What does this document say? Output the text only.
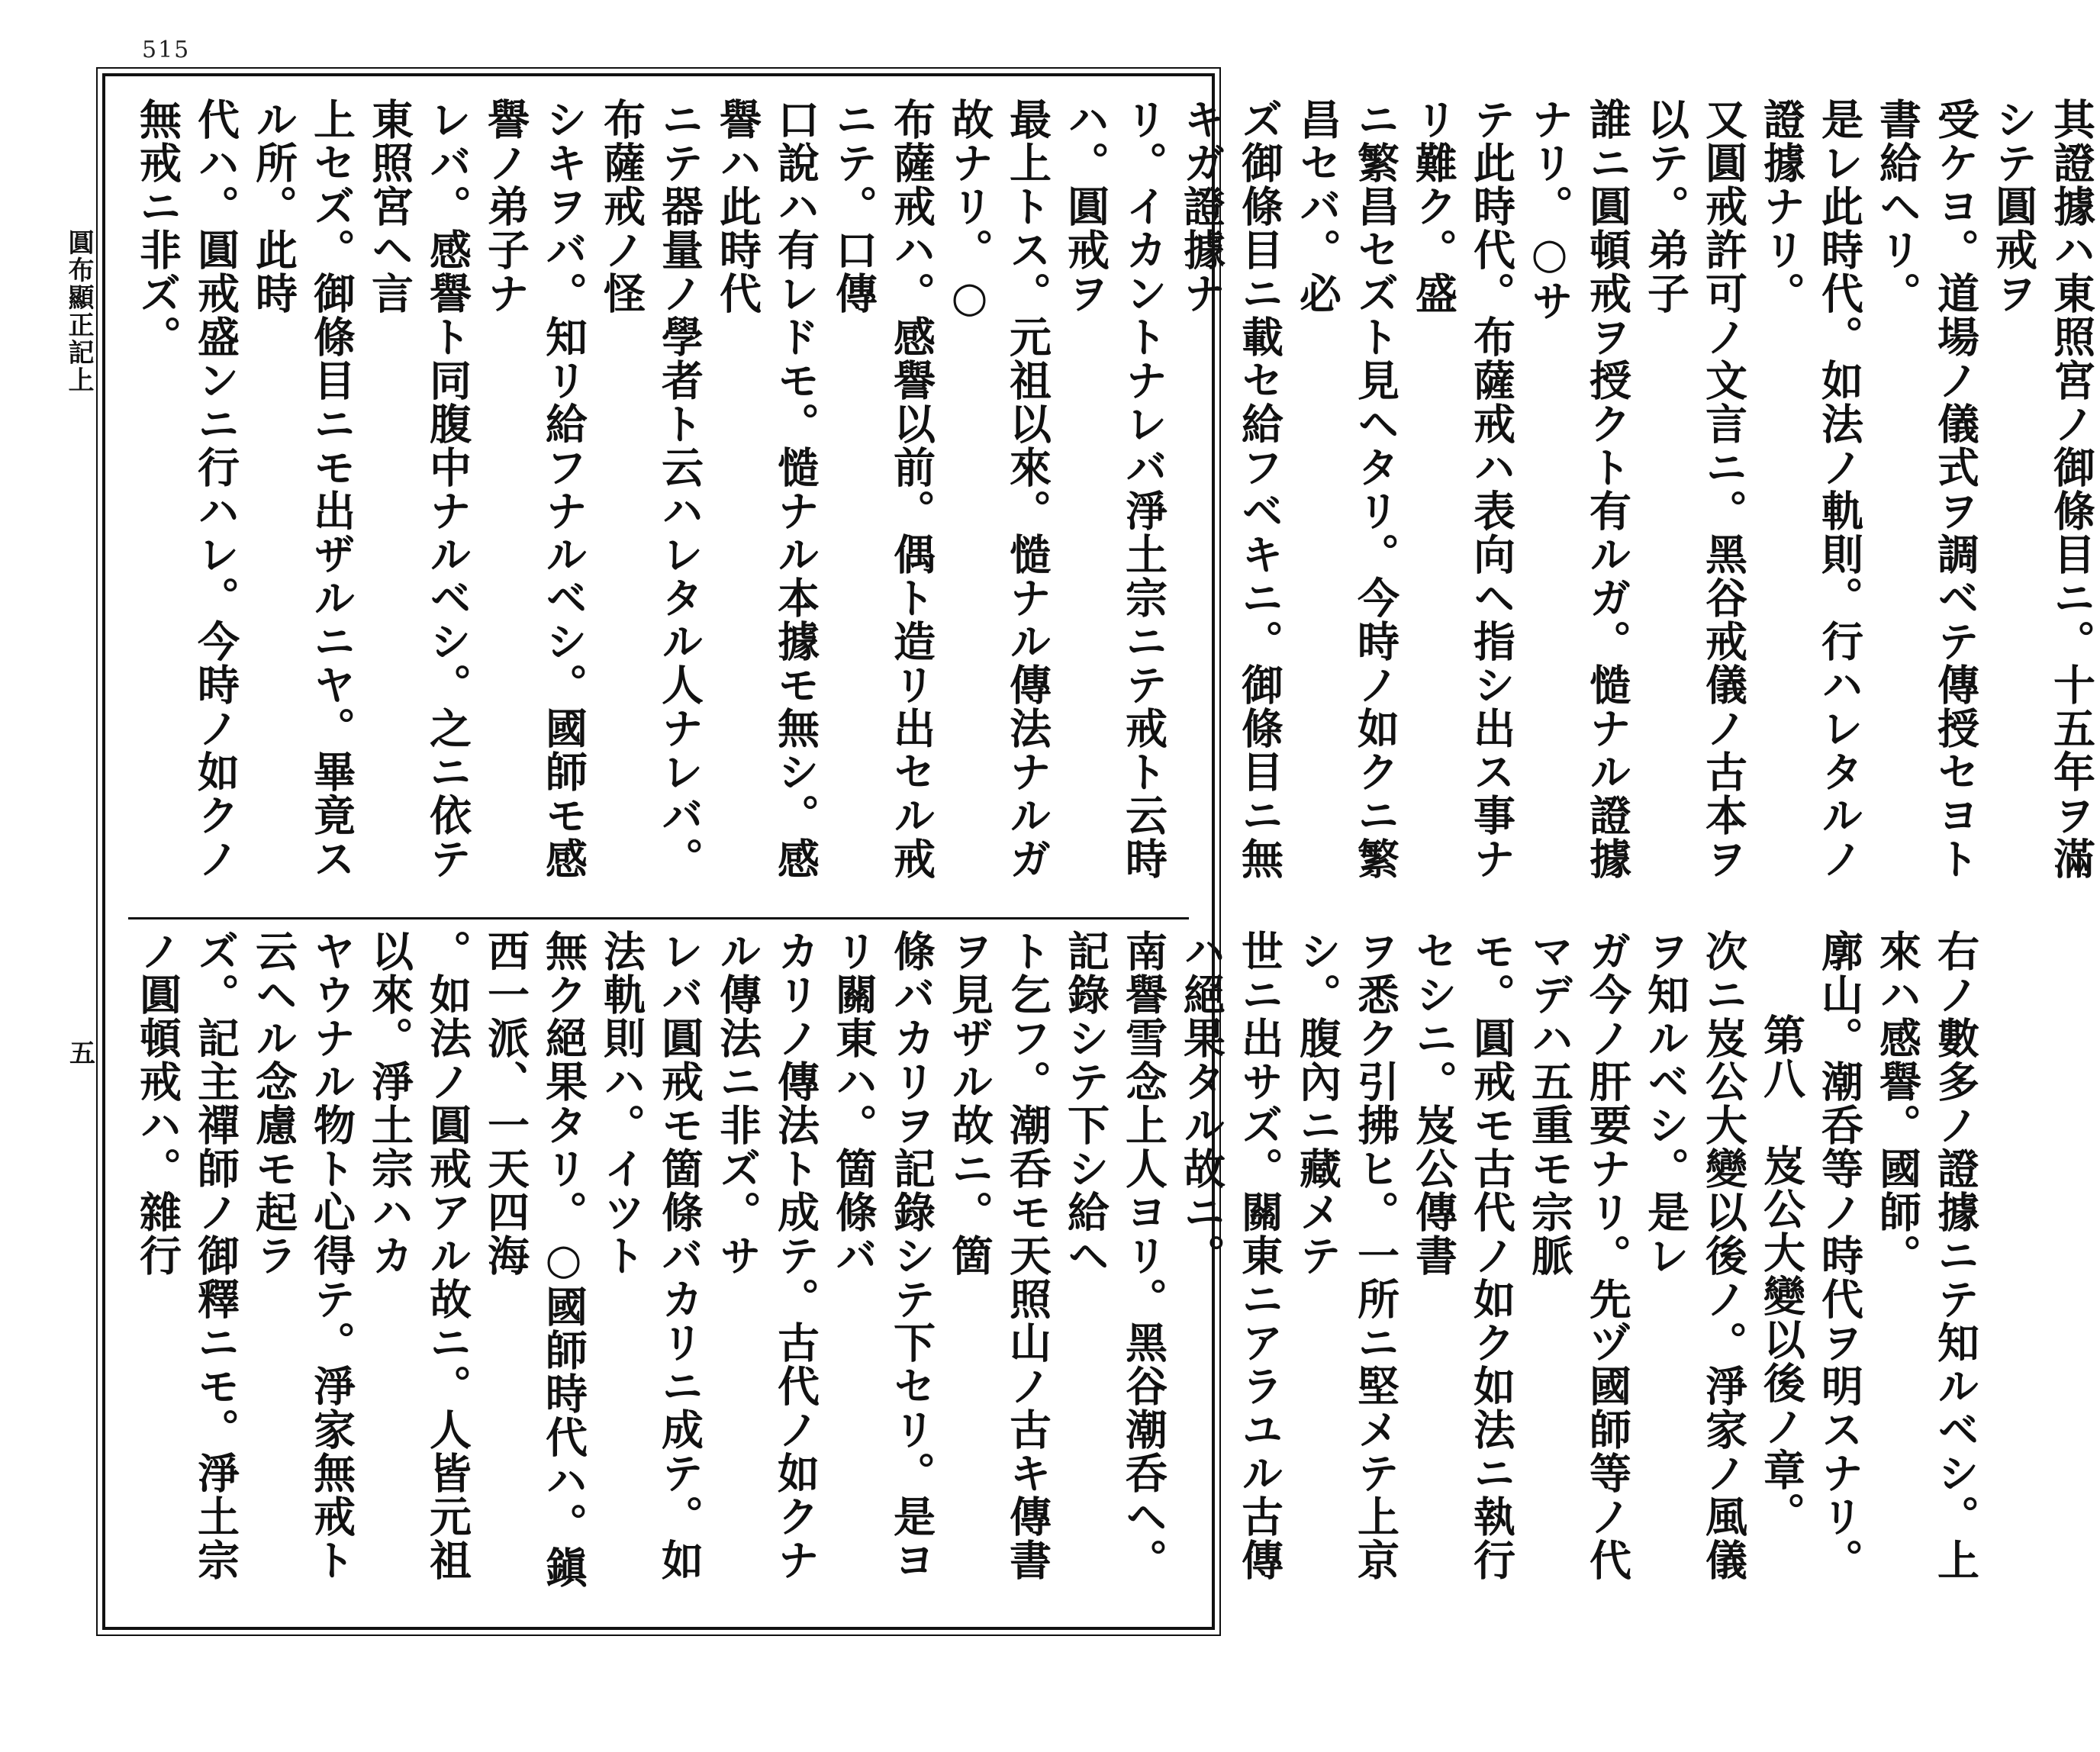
515
圓布顯正記上
五
其證據ハ東照宮ノ御條目ニ。十五年ヲ滿シテ圓戒ヲ
受ケヨ。道場ノ儀式ヲ調ベテ傳授セヨト書給ヘリ。
是レ此時代。如法ノ軌則。行ハレタルノ證據ナリ。
又圓戒許可ノ文言ニ。黑谷戒儀ノ古本ヲ以テ。弟子
誰ニ圓頓戒ヲ授クト有ルガ。慥ナル證據ナリ。○サ
テ此時代。布薩戒ハ表向ヘ指シ出ス事ナリ難ク。盛
ニ繁昌セズト見ヘタリ。今時ノ如クニ繁昌セバ。必
ズ御條目ニ載セ給フベキニ。御條目ニ無キガ證據ナ
リ。イカントナレバ淨土宗ニテ戒ト云時ハ。圓戒ヲ
最上トス。元祖以來。慥ナル傳法ナルガ故ナリ。○
布薩戒ハ。感譽以前。偶ト造リ出セル戒ニテ。口傳
口說ハ有レドモ。慥ナル本據モ無シ。感譽ハ此時代
ニテ器量ノ學者ト云ハレタル人ナレバ。布薩戒ノ怪
シキヲバ。知リ給フナルベシ。國師モ感譽ノ弟子ナ
レバ。感譽ト同腹中ナルベシ。之ニ依テ東照宮ヘ言
上セズ。御條目ニモ出ザルニヤ。畢竟スル所。此時
代ハ。圓戒盛ンニ行ハレ。今時ノ如クノ無戒ニ非ズ。
右ノ數多ノ證據ニテ知ルベシ。上來ハ感譽。國師。
廓山。潮呑等ノ時代ヲ明スナリ。
第八　岌公大變以後ノ章。
次ニ岌公大變以後ノ。淨家ノ風儀ヲ知ルベシ。是レ
ガ今ノ肝要ナリ。先ヅ國師等ノ代マデハ五重モ宗脈
モ。圓戒モ古代ノ如ク如法ニ執行セシニ。岌公傳書
ヲ悉ク引拂ヒ。一所ニ堅メテ上京シ。腹內ニ藏メテ
世ニ出サズ。關東ニアラユル古傳ハ絕果タル故ニ。
南譽雪念上人ヨリ。黑谷潮呑ヘ。記錄シテ下シ給ヘ
ト乞フ。潮呑モ天照山ノ古キ傳書ヲ見ザル故ニ。箇
條バカリヲ記錄シテ下セリ。是ヨリ關東ハ。箇條バ
カリノ傳法ト成テ。古代ノ如クナル傳法ニ非ズ。サ
レバ圓戒モ箇條バカリニ成テ。如法軌則ハ。イツト
無ク絕果タリ。○國師時代ハ。鎭西一派、一天四海
。如法ノ圓戒アル故ニ。人皆元祖以來。淨土宗ハカ
ヤウナル物ト心得テ。淨家無戒ト云ヘル念慮モ起ラ
ズ。記主禪師ノ御釋ニモ。淨土宗ノ圓頓戒ハ。雜行
